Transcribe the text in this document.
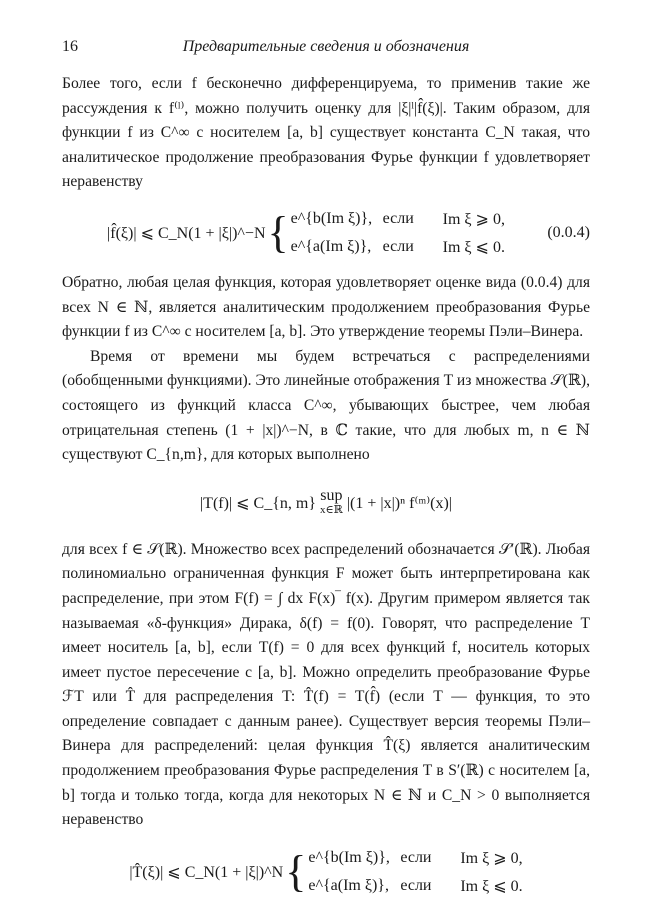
16	Предварительные сведения и обозначения

Более того, если f бесконечно дифференцируема, то применив такие же рассуждения к f⁽ˡ⁾, можно получить оценку для |ξ|ˡ|f̂(ξ)|. Таким образом, для функции f из C^∞ с носителем [a, b] существует константа C_N такая, что аналитическое продолжение преобразования Фурье функции f удовлетворяет неравенству

|f̂(ξ)| ⩽ C_N(1 + |ξ|)^−N { e^{b(Im ξ)}, если	Im ξ ⩾ 0,
e^{a(Im ξ)}, если	Im ξ ⩽ 0.
(0.0.4)

Обратно, любая целая функция, которая удовлетворяет оценке вида (0.0.4) для всех N ∈ ℕ, является аналитическим продолжением преобразования Фурье функции f из C^∞ с носителем [a, b]. Это утверждение теоремы Пэли–Винера.

Время от времени мы будем встречаться с распределениями (обобщенными функциями). Это линейные отображения T из множества 𝒮(ℝ), состоящего из функций класса C^∞, убывающих быстрее, чем любая отрицательная степень (1 + |x|)^−N, в ℂ такие, что для любых m, n ∈ ℕ существуют C_{n,m}, для которых выполнено

|T(f)| ⩽ C_{n, m} sup
x∈ℝ |(1 + |x|)ⁿ f⁽ᵐ⁾(x)|

для всех f ∈ 𝒮(ℝ). Множество всех распределений обозначается 𝒮′(ℝ). Любая полиномиально ограниченная функция F может быть интерпретирована как распределение, при этом F(f) = ∫ dx F(x)‾ f(x). Другим примером является так называемая «δ-функция» Дирака, δ(f) = f(0). Говорят, что распределение T имеет носитель [a, b], если T(f) = 0 для всех функций f, носитель которых имеет пустое пересечение с [a, b]. Можно определить преобразование Фурье ℱT или T̂ для распределения T: T̂(f) = T(f̂) (если T — функция, то это определение совпадает с данным ранее). Существует версия теоремы Пэли–Винера для распределений: целая функция T̂(ξ) является аналитическим продолжением преобразования Фурье распределения T в S′(ℝ) с носителем [a, b] тогда и только тогда, когда для некоторых N ∈ ℕ и C_N > 0 выполняется неравенство

|T̂(ξ)| ⩽ C_N(1 + |ξ|)^N { e^{b(Im ξ)}, если	Im ξ ⩾ 0,
e^{a(Im ξ)}, если	Im ξ ⩽ 0.
